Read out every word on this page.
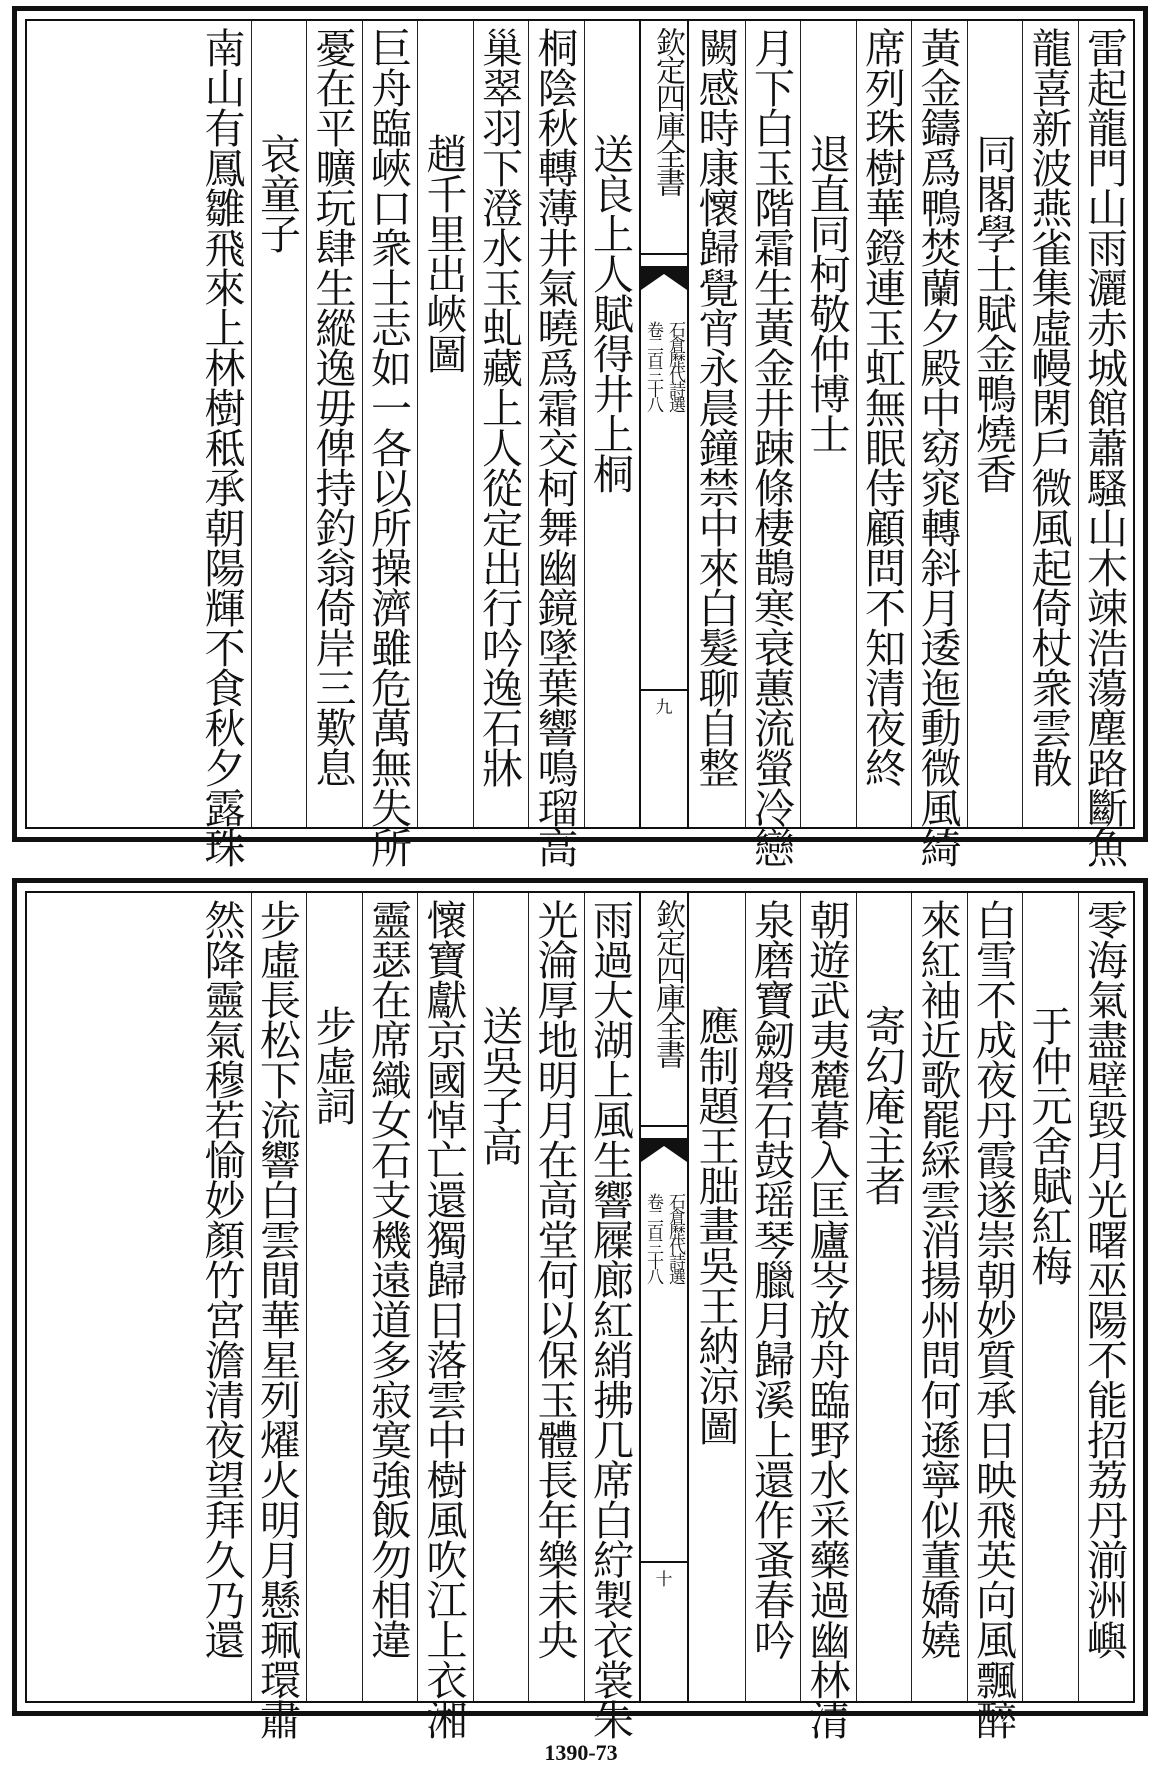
雷起龍門山雨灑赤城館蕭騷山木竦浩蕩塵路斷魚
龍喜新波燕雀集虛幔閑戶微風起倚杖衆雲散
同閣學士賦金鴨燒香
黃金鑄爲鴨焚蘭夕殿中窈窕轉斜月逶迤動微風綺
席列珠樹華鐙連玉虹無眠侍顧問不知清夜終
退直同柯敬仲博士
月下白玉階霜生黃金井踈條棲鵲寒衰蕙流螢冷戀
闕感時康懷歸覺宵永晨鐘禁中來白髮聊自整
欽定四庫全書
石倉歷代詩選
卷二百三十八
九
送良上人賦得井上桐
桐陰秋轉薄井氣曉爲霜交柯舞幽鏡墜葉響鳴瑠高
巢翠羽下澄水玉虬藏上人從定出行吟逸石牀
趙千里出峽圖
巨舟臨峽口衆士志如一各以所操濟雖危萬無失所
憂在平曠玩肆生縱逸毋俾持釣翁倚岸三歎息
哀童子
南山有鳳雛飛來上林樹秪承朝陽輝不食秋夕露珠
零海氣盡壁毀月光曙巫陽不能招荔丹湔洲嶼
于仲元舍賦紅梅
白雪不成夜丹霞遂崇朝妙質承日映飛英向風飄醉
來紅袖近歌罷綵雲消揚州問何遜寧似董嬌嬈
寄幻庵主者
朝遊武夷麓暮入匡廬岑放舟臨野水采藥過幽林清
泉磨寶劒磐石鼓瑶琴臘月歸溪上還作蚤春吟
應制題王朏畫吳王納涼圖
欽定四庫全書
石倉歷代詩選
卷二百三十八
十
雨過大湖上風生響屧廊紅綃拂几席白紵製衣裳朱
光淪厚地明月在高堂何以保玉體長年樂未央
送吳子高
懷寶獻京國悼亡還獨歸日落雲中樹風吹江上衣湘
靈瑟在席織女石支機遠道多寂寞強飯勿相違
步虛詞
步虛長松下流響白雲間華星列燿火明月懸珮環肅
然降靈氣穆若愉妙顏竹宮澹清夜望拜久乃還
1390-73
